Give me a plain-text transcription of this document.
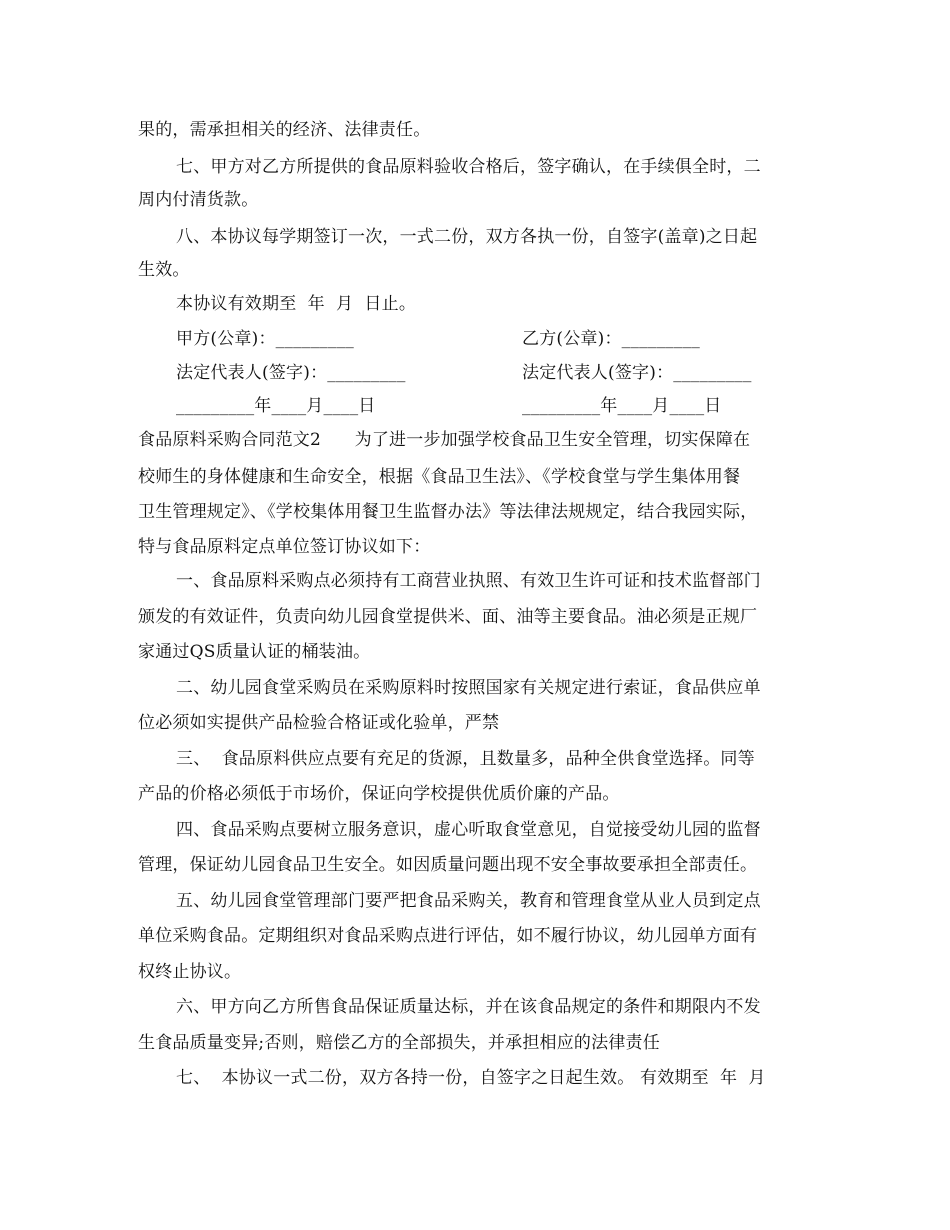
果的，需承担相关的经济、法律责任。
七、甲方对乙方所提供的食品原料验收合格后，签字确认，在手续俱全时，二
周内付清货款。
八、本协议每学期签订一次，一式二份，双方各执一份，自签字(盖章)之日起
生效。
本协议有效期至  年  月  日止。
甲方(公章)：_________	乙方(公章)：_________
法定代表人(签字)：_________	法定代表人(签字)：_________
_________年____月____日	_________年____月____日
食品原料采购合同范文2      为了进一步加强学校食品卫生安全管理，切实保障在
校师生的身体健康和生命安全，根据《食品卫生法》、《学校食堂与学生集体用餐
卫生管理规定》、《学校集体用餐卫生监督办法》等法律法规规定，结合我园实际，
特与食品原料定点单位签订协议如下：
一、食品原料采购点必须持有工商营业执照、有效卫生许可证和技术监督部门
颁发的有效证件，负责向幼儿园食堂提供米、面、油等主要食品。油必须是正规厂
家通过QS质量认证的桶装油。
二、幼儿园食堂采购员在采购原料时按照国家有关规定进行索证，食品供应单
位必须如实提供产品检验合格证或化验单，严禁
三、  食品原料供应点要有充足的货源，且数量多，品种全供食堂选择。同等
产品的价格必须低于市场价，保证向学校提供优质价廉的产品。
四、食品采购点要树立服务意识，虚心听取食堂意见，自觉接受幼儿园的监督
管理，保证幼儿园食品卫生安全。如因质量问题出现不安全事故要承担全部责任。
五、幼儿园食堂管理部门要严把食品采购关，教育和管理食堂从业人员到定点
单位采购食品。定期组织对食品采购点进行评估，如不履行协议，幼儿园单方面有
权终止协议。
六、甲方向乙方所售食品保证质量达标，并在该食品规定的条件和期限内不发
生食品质量变异;否则，赔偿乙方的全部损失，并承担相应的法律责任
七、  本协议一式二份，双方各持一份，自签字之日起生效。 有效期至  年  月
